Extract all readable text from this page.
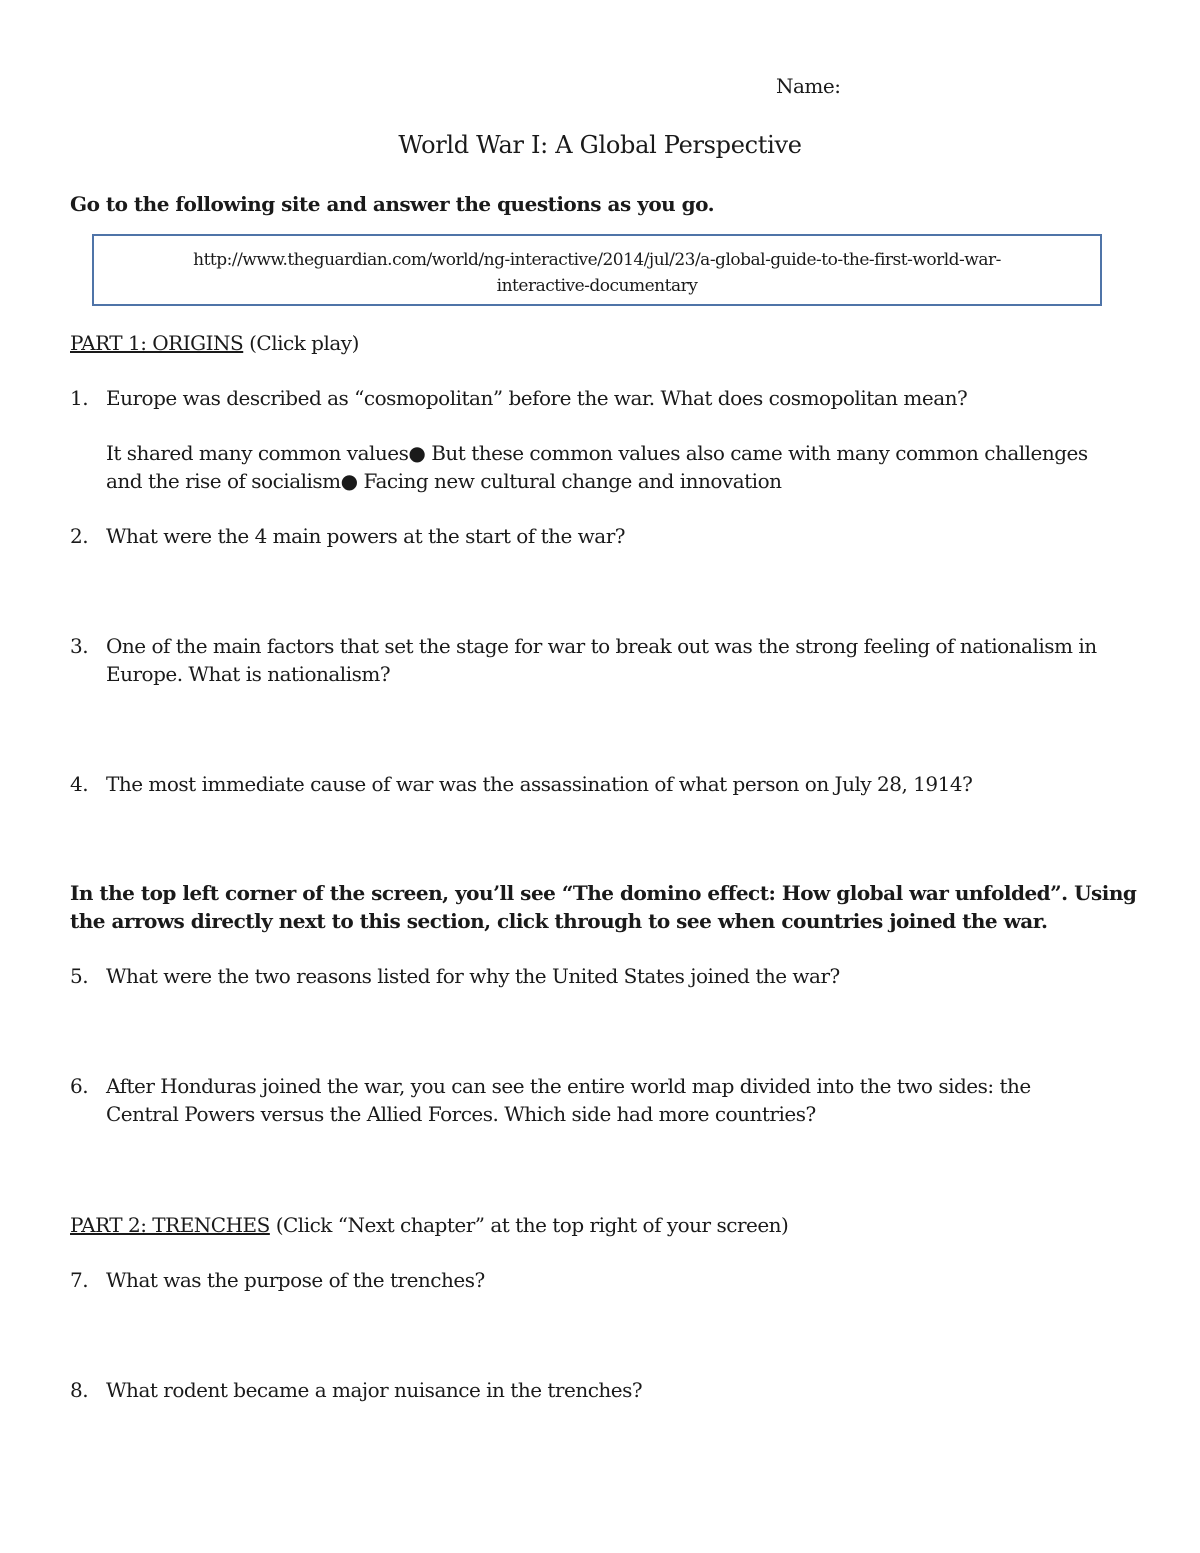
Name:
World War I: A Global Perspective
Go to the following site and answer the questions as you go.
http://www.theguardian.com/world/ng-interactive/2014/jul/23/a-global-guide-to-the-first-world-war-
interactive-documentary
PART 1: ORIGINS (Click play)
1. Europe was described as “cosmopolitan” before the war. What does cosmopolitan mean?
It shared many common values● But these common values also came with many common challenges
and the rise of socialism● Facing new cultural change and innovation
2. What were the 4 main powers at the start of the war?
3. One of the main factors that set the stage for war to break out was the strong feeling of nationalism in
Europe. What is nationalism?
4. The most immediate cause of war was the assassination of what person on July 28, 1914?
In the top left corner of the screen, you’ll see “The domino effect: How global war unfolded”. Using
the arrows directly next to this section, click through to see when countries joined the war.
5. What were the two reasons listed for why the United States joined the war?
6. After Honduras joined the war, you can see the entire world map divided into the two sides: the
Central Powers versus the Allied Forces. Which side had more countries?
PART 2: TRENCHES (Click “Next chapter” at the top right of your screen)
7. What was the purpose of the trenches?
8. What rodent became a major nuisance in the trenches?
